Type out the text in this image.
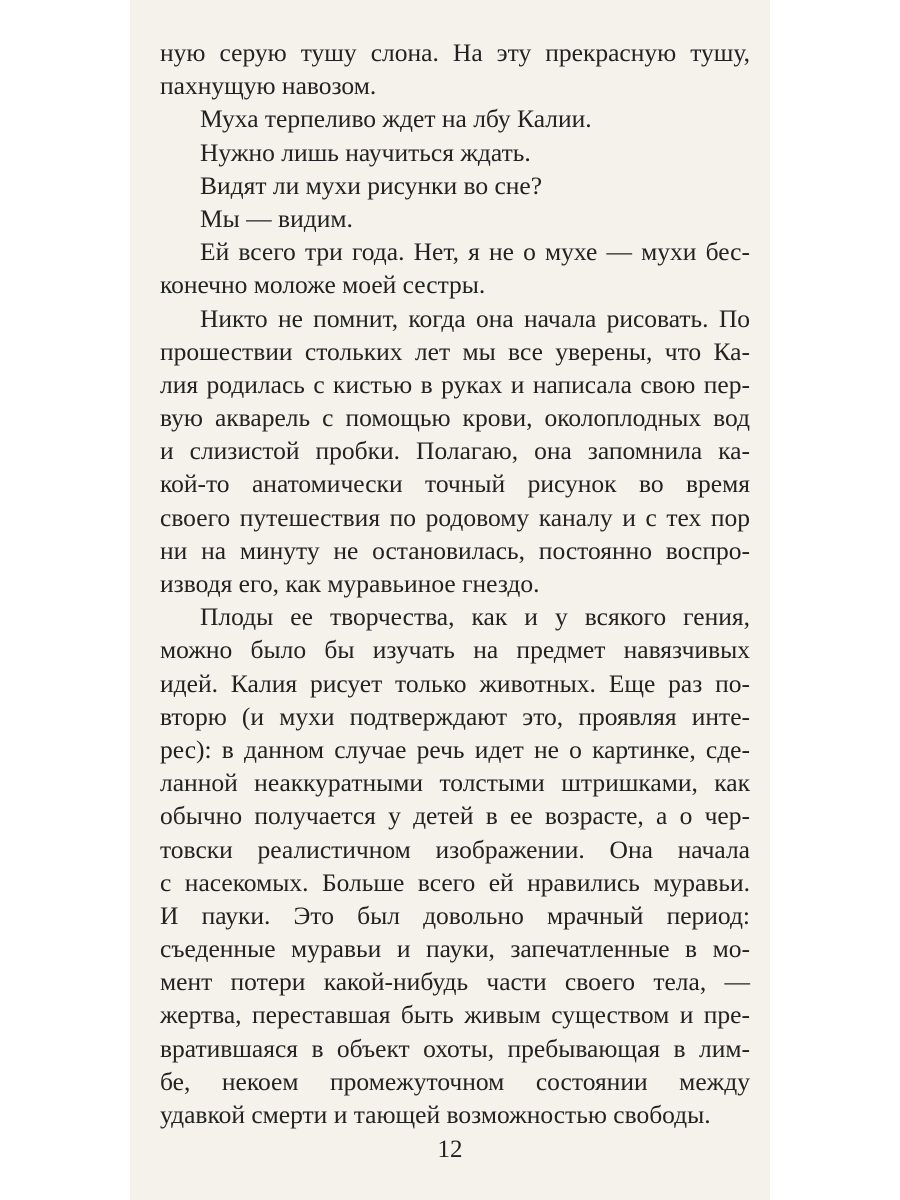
ную серую тушу слона. На эту прекрасную тушу,
пахнущую навозом.
Муха терпеливо ждет на лбу Калии.
Нужно лишь научиться ждать.
Видят ли мухи рисунки во сне?
Мы — видим.
Ей всего три года. Нет, я не о мухе — мухи бес-
конечно моложе моей сестры.
Никто не помнит, когда она начала рисовать. По
прошествии стольких лет мы все уверены, что Ка-
лия родилась с кистью в руках и написала свою пер-
вую акварель с помощью крови, околоплодных вод
и слизистой пробки. Полагаю, она запомнила ка-
кой-то анатомически точный рисунок во время
своего путешествия по родовому каналу и с тех пор
ни на минуту не остановилась, постоянно воспро-
изводя его, как муравьиное гнездо.
Плоды ее творчества, как и у всякого гения,
можно было бы изучать на предмет навязчивых
идей. Калия рисует только животных. Еще раз по-
вторю (и мухи подтверждают это, проявляя инте-
рес): в данном случае речь идет не о картинке, сде-
ланной неаккуратными толстыми штришками, как
обычно получается у детей в ее возрасте, а о чер-
товски реалистичном изображении. Она начала
с насекомых. Больше всего ей нравились муравьи.
И пауки. Это был довольно мрачный период:
съеденные муравьи и пауки, запечатленные в мо-
мент потери какой-нибудь части своего тела, —
жертва, переставшая быть живым существом и пре-
вратившаяся в объект охоты, пребывающая в лим-
бе, некоем промежуточном состоянии между
удавкой смерти и тающей возможностью свободы.
12
